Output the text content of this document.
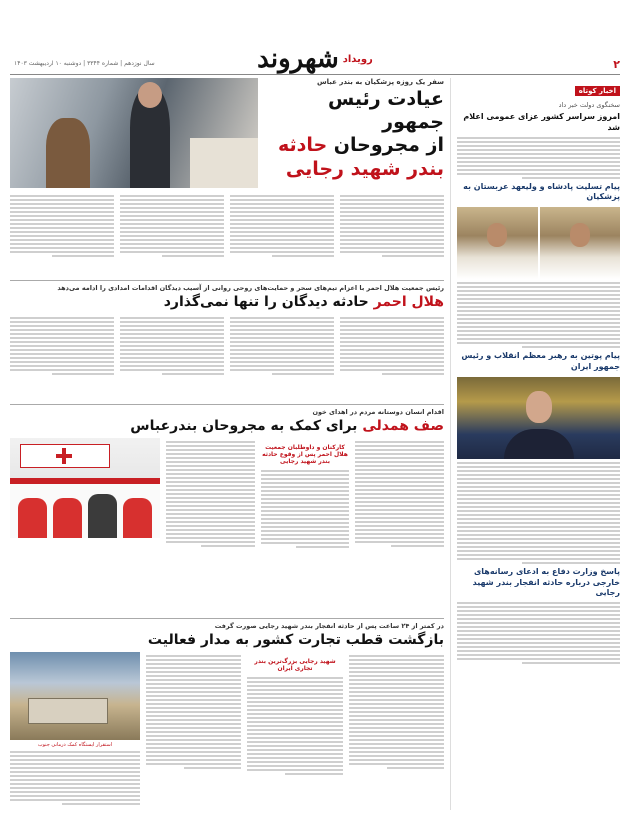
۲
رویداد
شهروند
سال نوزدهم | شماره ۳۳۴۴ | دوشنبه ۱۰ اردیبهشت ۱۴۰۳
اخبار کوتاه
سخنگوی دولت خبر داد
امروز سراسر کشور عزای عمومی اعلام شد
پیام تسلیت پادشاه و ولیعهد عربستان به پزشکیان
پیام پوتین به رهبر معظم انقلاب و رئیس جمهور ایران
پاسخ وزارت دفاع به ادعای رسانه‌های خارجی درباره حادثه انفجار بندر شهید رجایی
سفر یک روزه پزشکیان به بندر عباس
عیادت رئیس جمهور
از مجروحان حادثه
بندر شهید رجایی
رئیس جمعیت هلال احمر با اعزام تیم‌های سحر و حمایت‌های روحی روانی از آسیب دیدگان اقدامات امدادی را ادامه می‌دهد
هلال احمر حادثه دیدگان را تنها نمی‌گذارد
اقدام انسان دوستانه مردم در اهدای خون
صف همدلی برای کمک به مجروحان بندرعباس
کارکنان و داوطلبان جمعیت هلال احمر پس از وقوع حادثه بندر شهید رجایی
در کمتر از ۲۴ ساعت پس از حادثه انفجار بندر شهید رجایی صورت گرفت
بازگشت قطب تجارت کشور به مدار فعالیت
شهید رجایی بزرگ‌ترین بندر تجاری ایران
استقرار ایستگاه کمک درمانی جنوب
